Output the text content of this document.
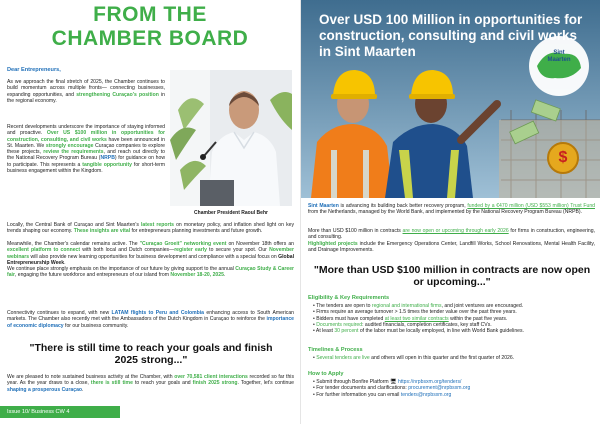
FROM THE
CHAMBER BOARD
Dear Entrepreneurs,
As we approach the final stretch of 2025, the Chamber continues to build momentum across multiple fronts— connecting businesses, expanding opportunities, and strengthening Curaçao's position in the regional economy.
Recent developments underscore the importance of staying informed and proactive. Over US $100 million in opportunities for construction, consulting, and civil works have been announced in St. Maarten. We strongly encourage Curaçao companies to explore these projects, review the requirements, and reach out directly to the National Recovery Program Bureau (NRPB) for guidance on how to participate. This represents a tangible opportunity for short-term business engagement within the Kingdom.
Chamber President Raoul Behr
Locally, the Central Bank of Curaçao and Sint Maarten's latest reports on monetary policy, and inflation shed light on key trends shaping our economy. These insights are vital for entrepreneurs planning investments and future growth.
Meanwhile, the Chamber's calendar remains active. The "Curaçao Groeit" networking event on November 18th offers an excellent platform to connect with both local and Dutch companies—register early to secure your spot. Our November webinars will also provide new learning opportunities for business development and compliance with a special focus on Global Entrepreneurship Week.
We continue place strongly emphasis on the importance of our future by giving support to the annual Curaçao Study & Career fair, engaging the future workforce and entrepreneurs of our island from November 18-20, 2025.
Connectivity continues to expand, with new LATAM flights to Peru and Colombia enhancing access to South American markets. The Chamber also recently met with the Ambassadors of the Dutch Kingdom in Curaçao to reinforce the importance of economic diplomacy for our business community.
"There is still time to reach your goals and finish 2025 strong..."
We are pleased to note sustained business activity at the Chamber, with over 70,581 client interactions recorded so far this year. As the year draws to a close, there is still time to reach your goals and finish 2025 strong. Together, let's continue shaping a prosperous Curaçao.
Issue 10/ Business CW 4
Over USD 100 Million in opportunities for construction, consulting and civil works in Sint Maarten	Sint
Maarten
$
Sint Maarten is advancing its building back better recovery program, funded by a €470 million (USD $553 million) Trust Fund from the Netherlands, managed by the World Bank, and implemented by the National Recovery Program Bureau (NRPB).
More than USD $100 million in contracts are now open or upcoming through early 2026 for firms in construction, engineering, and consulting.
Highlighted projects include the Emergency Operations Center, Landfill Works, School Renovations, Mental Health Facility, and Drainage Improvements.
"More than USD $100 million in contracts are now open or upcoming..."
Eligibility & Key Requirements
• The tenders are open to regional and international firms, and joint ventures are encouraged.
• Firms require an average turnover > 1.5 times the tender value over the past three years.
• Bidders must have completed at least two similar contracts within the past five years.
• Documents required: audited financials, completion certificates, key staff CVs.
• At least 30 percent of the labor must be locally employed, in line with World Bank guidelines.
Timelines & Process
• Several tenders are live and others will open in this quarter and the first quarter of 2026.
How to Apply
• Submit through Bonfire Platform 🖥 https://nrpbsxm.org/tenders/
• For tender documents and clarifications: procurement@nrpbsxm.org
• For further information you can email tenders@nrpbsxm.org
